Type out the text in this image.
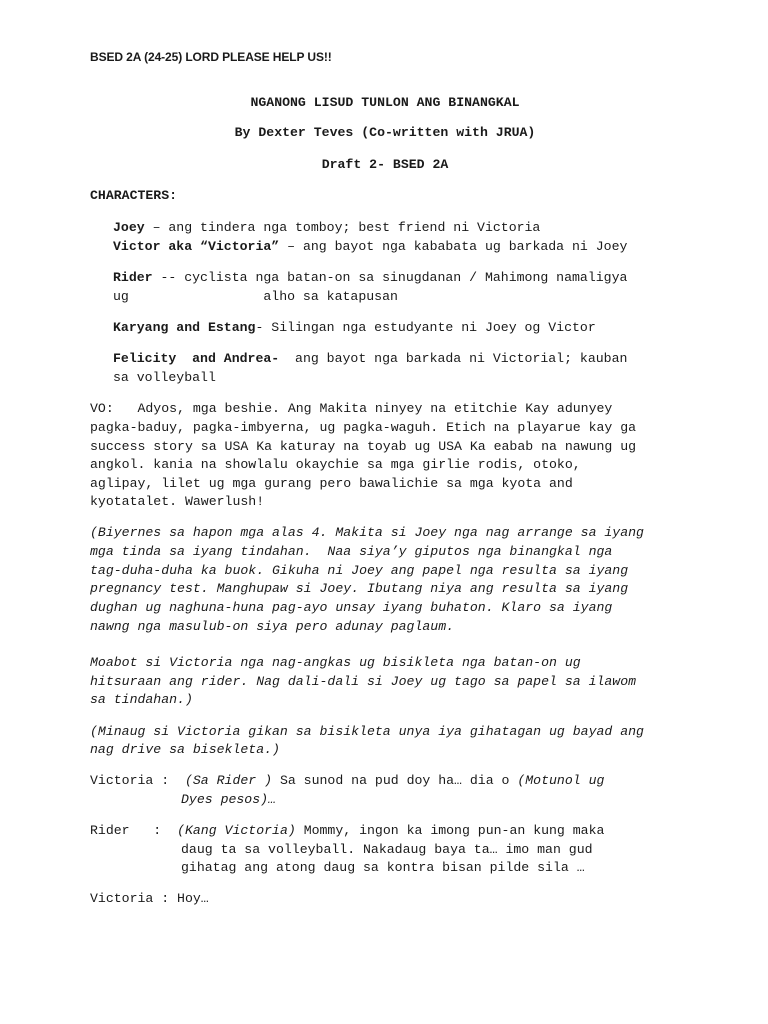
BSED 2A (24-25) LORD PLEASE HELP US!!
NGANONG LISUD TUNLON ANG BINANGKAL
By Dexter Teves (Co-written with JRUA)
Draft 2- BSED 2A
CHARACTERS:
Joey – ang tindera nga tomboy; best friend ni Victoria
Victor aka “Victoria” – ang bayot nga kababata ug barkada ni Joey
Rider -- cyclista nga batan-on sa sinugdanan / Mahimong namaligya
ug                 alho sa katapusan
Karyang and Estang- Silingan nga estudyante ni Joey og Victor
Felicity  and Andrea-  ang bayot nga barkada ni Victorial; kauban
sa volleyball
VO:   Adyos, mga beshie. Ang Makita ninyey na etitchie Kay adunyey
pagka-baduy, pagka-imbyerna, ug pagka-waguh. Etich na playarue kay ga
success story sa USA Ka katuray na toyab ug USA Ka eabab na nawung ug
angkol. kania na showlalu okaychie sa mga girlie rodis, otoko,
aglipay, lilet ug mga gurang pero bawalichie sa mga kyota and
kyotatalet. Wawerlush!
(Biyernes sa hapon mga alas 4. Makita si Joey nga nag arrange sa iyang
mga tinda sa iyang tindahan.  Naa siya’y giputos nga binangkal nga
tag-duha-duha ka buok. Gikuha ni Joey ang papel nga resulta sa iyang
pregnancy test. Manghupaw si Joey. Ibutang niya ang resulta sa iyang
dughan ug naghuna-huna pag-ayo unsay iyang buhaton. Klaro sa iyang
nawng nga masulub-on siya pero adunay paglaum.
Moabot si Victoria nga nag-angkas ug bisikleta nga batan-on ug
hitsuraan ang rider. Nag dali-dali si Joey ug tago sa papel sa ilawom
sa tindahan.)
(Minaug si Victoria gikan sa bisikleta unya iya gihatagan ug bayad ang
nag drive sa bisekleta.)
Victoria : (Sa Rider ) Sa sunod na pud doy ha… dia o (Motunol ug
Dyes pesos)…
Rider   : (Kang Victoria) Mommy, ingon ka imong pun-an kung maka
daug ta sa volleyball. Nakadaug baya ta… imo man gud
gihatag ang atong daug sa kontra bisan pilde sila …
Victoria : Hoy…
